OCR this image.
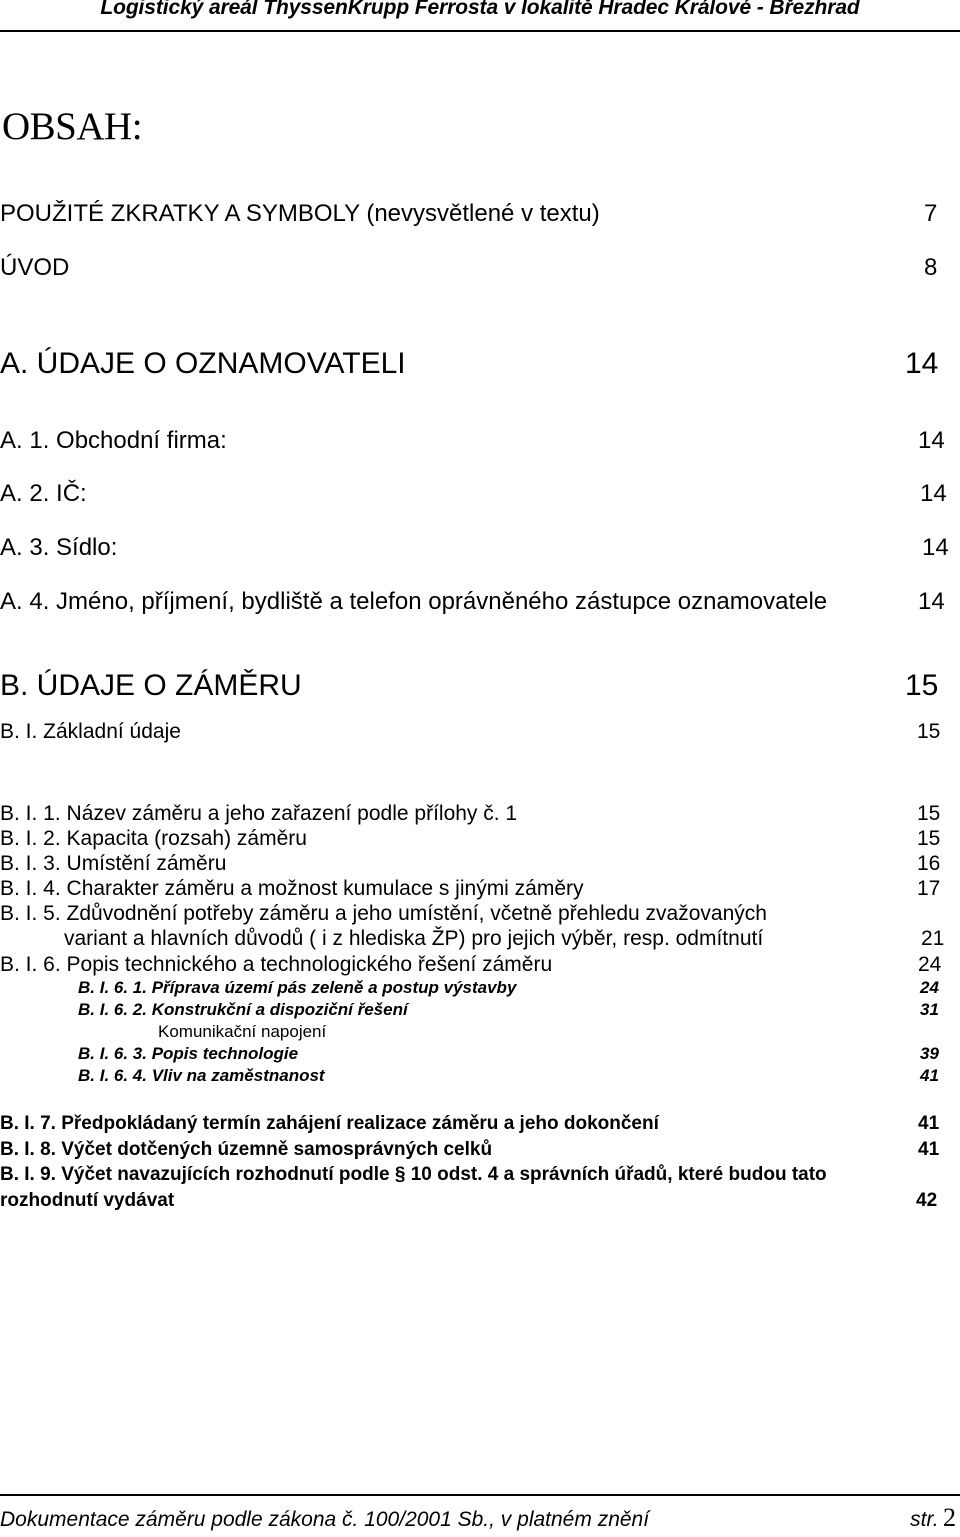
Logistický areál ThyssenKrupp Ferrosta v lokalitě Hradec Králové - Březhrad
OBSAH:
POUŽITÉ ZKRATKY A SYMBOLY (nevysvětlené v textu)	7
ÚVOD	8
A. ÚDAJE O OZNAMOVATELI	14
A. 1. Obchodní firma:	14
A. 2. IČ:	14
A. 3. Sídlo:	14
A. 4. Jméno, příjmení, bydliště a telefon oprávněného zástupce oznamovatele	14
B. ÚDAJE O ZÁMĚRU	15
B. I. Základní údaje	15
B. I. 1. Název záměru a jeho zařazení podle přílohy č. 1	15
B. I. 2. Kapacita (rozsah) záměru	15
B. I. 3. Umístění záměru	16
B. I. 4. Charakter záměru a možnost kumulace s jinými záměry	17
B. I. 5. Zdůvodnění potřeby záměru a jeho umístění, včetně přehledu zvažovaných
variant a hlavních důvodů ( i z hlediska ŽP) pro jejich výběr, resp. odmítnutí	21
B. I. 6. Popis technického a technologického řešení záměru	24
B. I. 6. 1. Příprava území pás zeleně a postup výstavby	24
B. I. 6. 2. Konstrukční a dispoziční řešení	31
Komunikační napojení
B. I. 6. 3. Popis technologie	39
B. I. 6. 4. Vliv na zaměstnanost	41
B. I. 7. Předpokládaný termín zahájení realizace záměru a jeho dokončení	41
B. I. 8. Výčet dotčených územně samosprávných celků	41
B. I. 9. Výčet navazujících rozhodnutí podle § 10 odst. 4 a správních úřadů, které budou tato
rozhodnutí vydávat	42
Dokumentace záměru podle zákona č. 100/2001 Sb., v platném znění	str. 2
